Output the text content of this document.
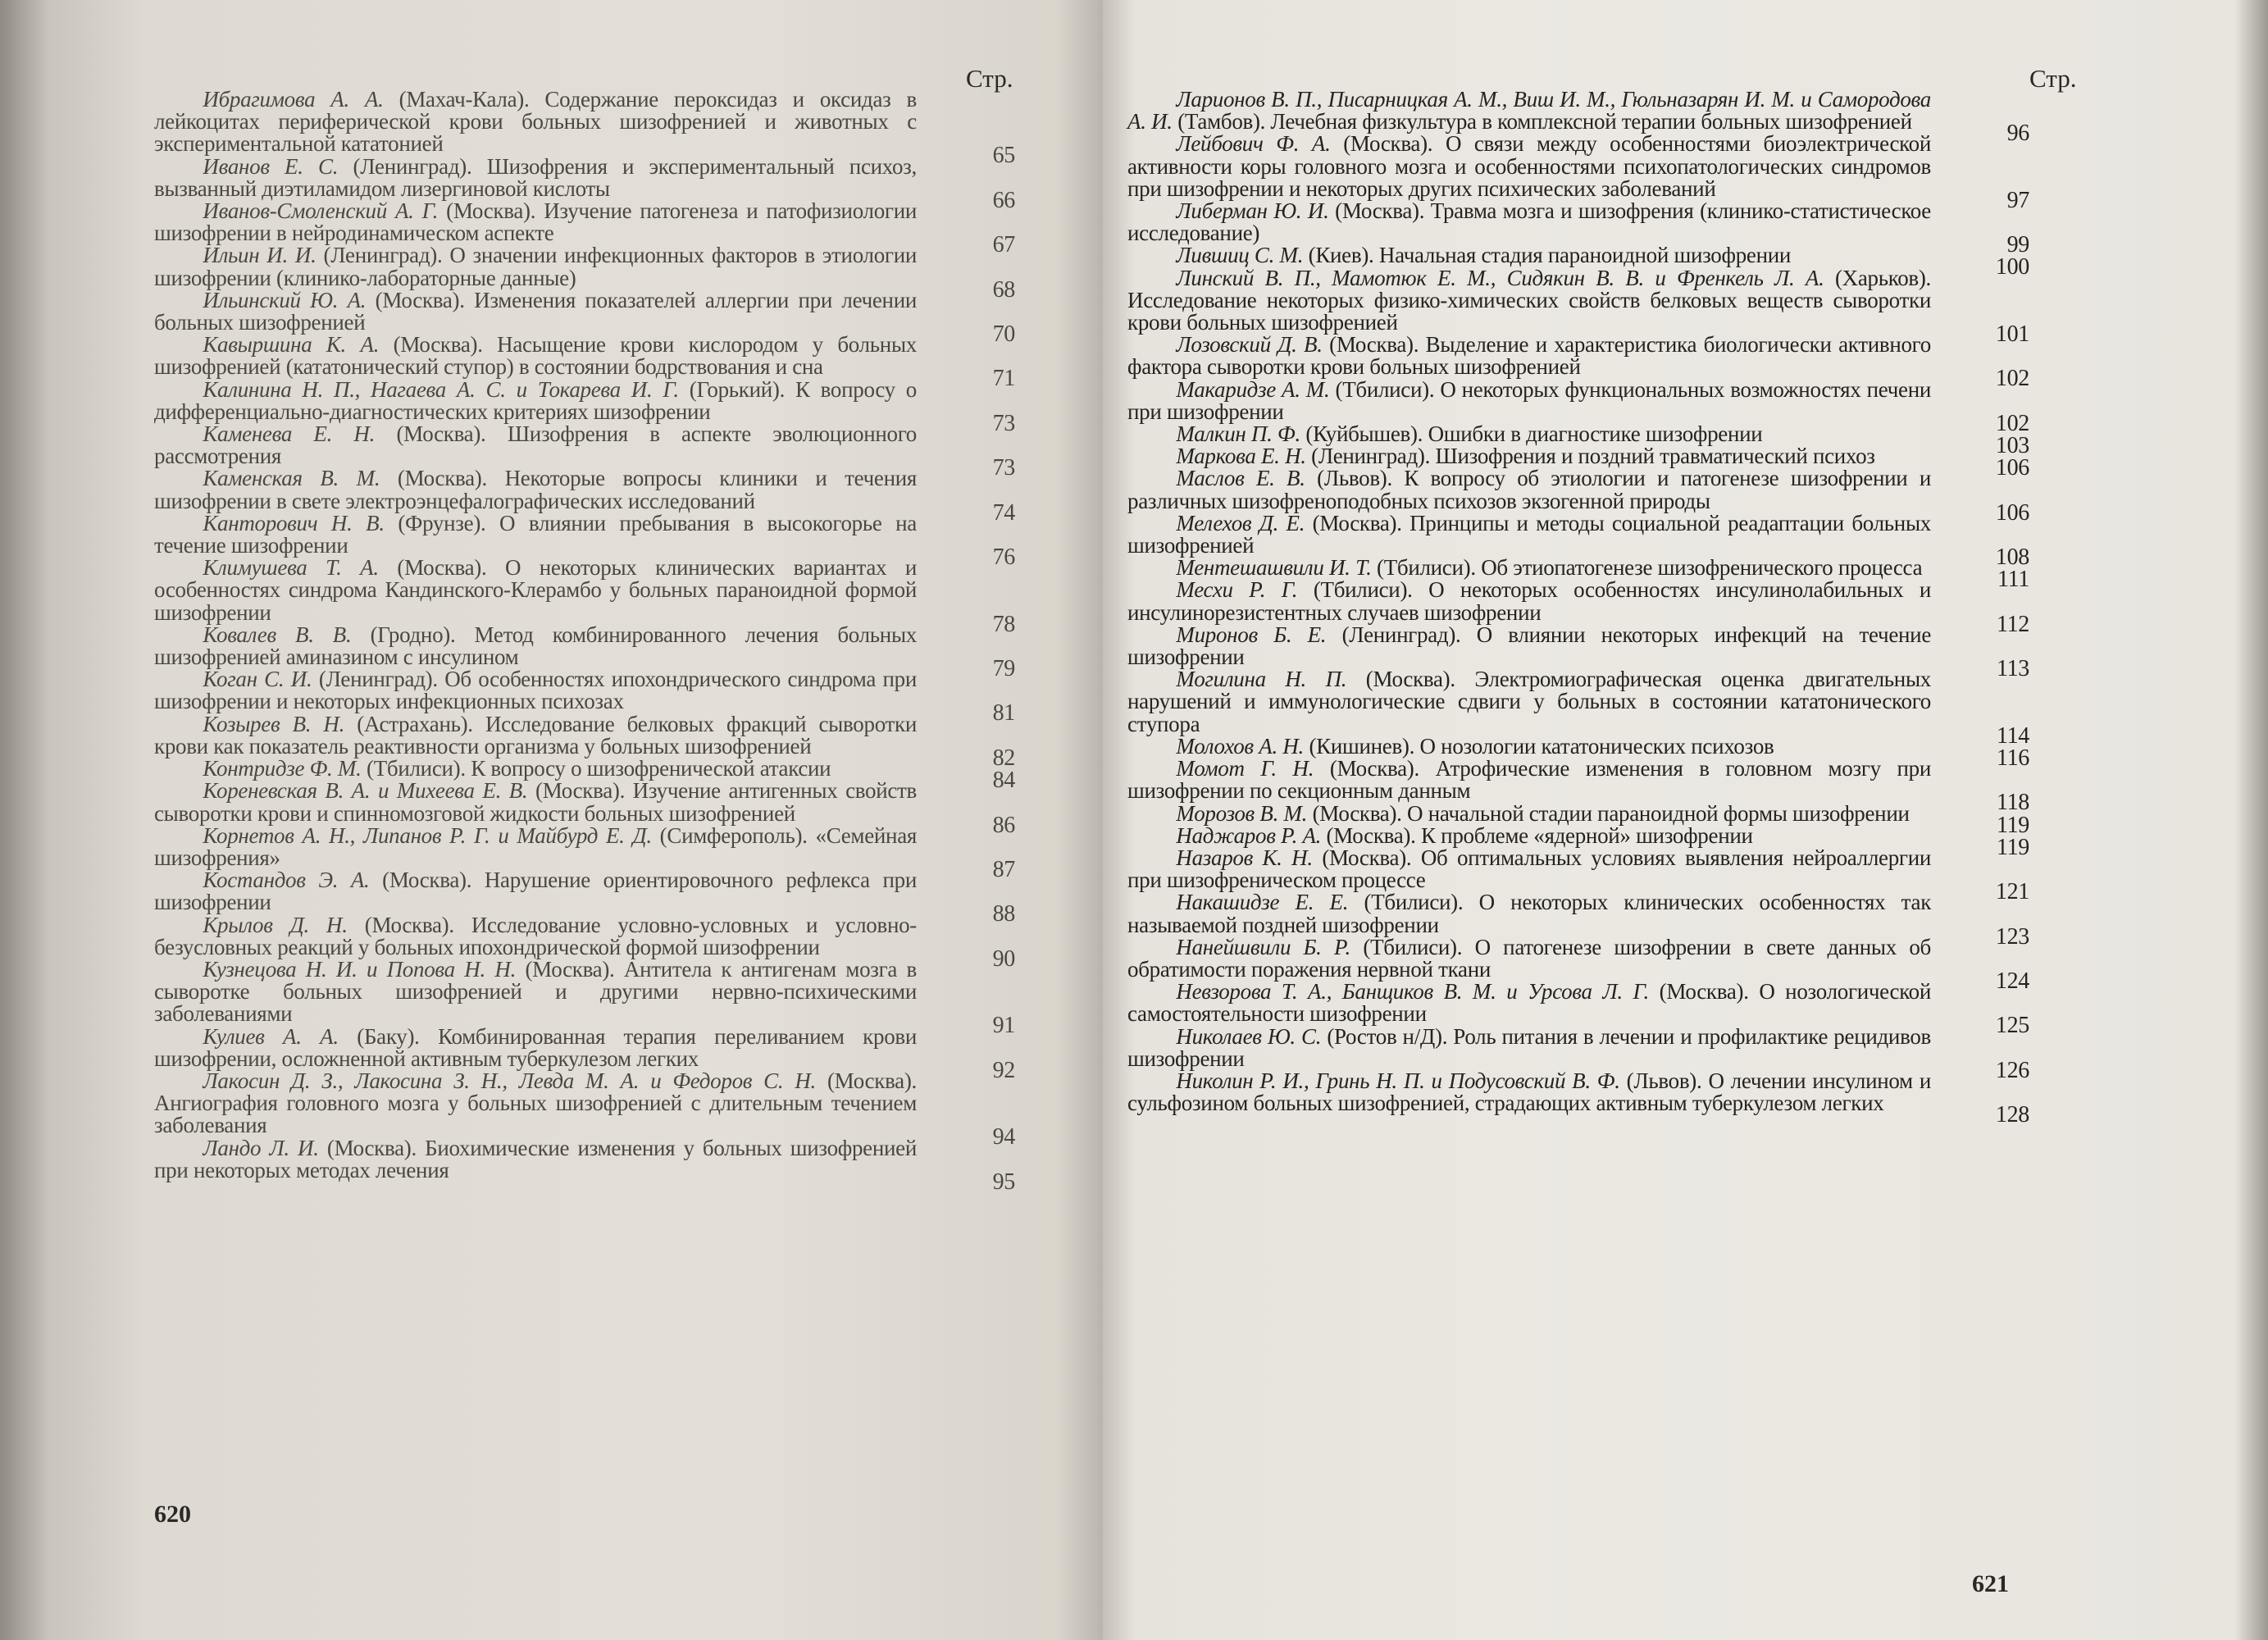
Стр.
Ибрагимова А. А. (Махач-Кала). Содержание пероксидаз и оксидаз в лейкоцитах периферической крови больных шизофренией и животных с экспериментальной кататонией	65
Иванов Е. С. (Ленинград). Шизофрения и экспериментальный психоз, вызванный диэтиламидом лизергиновой кислоты	66
Иванов-Смоленский А. Г. (Москва). Изучение патогенеза и патофизиологии шизофрении в нейродинамическом аспекте	67
Ильин И. И. (Ленинград). О значении инфекционных факторов в этиологии шизофрении (клинико-лабораторные данные)	68
Ильинский Ю. А. (Москва). Изменения показателей аллергии при лечении больных шизофренией	70
Кавыршина К. А. (Москва). Насыщение крови кислородом у больных шизофренией (кататонический ступор) в состоянии бодрствования и сна	71
Калинина Н. П., Нагаева А. С. и Токарева И. Г. (Горький). К вопросу о дифференциально-диагностических критериях шизофрении	73
Каменева Е. Н. (Москва). Шизофрения в аспекте эволюционного рассмотрения	73
Каменская В. М. (Москва). Некоторые вопросы клиники и течения шизофрении в свете электроэнцефалографических исследований	74
Канторович Н. В. (Фрунзе). О влиянии пребывания в высокогорье на течение шизофрении	76
Климушева Т. А. (Москва). О некоторых клинических вариантах и особенностях синдрома Кандинского-Клерамбо у больных параноидной формой шизофрении	78
Ковалев В. В. (Гродно). Метод комбинированного лечения больных шизофренией аминазином с инсулином	79
Коган С. И. (Ленинград). Об особенностях ипохондрического синдрома при шизофрении и некоторых инфекционных психозах	81
Козырев В. Н. (Астрахань). Исследование белковых фракций сыворотки крови как показатель реактивности организма у больных шизофренией	82
Контридзе Ф. М. (Тбилиси). К вопросу о шизофренической атаксии	84
Кореневская В. А. и Михеева Е. В. (Москва). Изучение антигенных свойств сыворотки крови и спинномозговой жидкости больных шизофренией	86
Корнетов А. Н., Липанов Р. Г. и Майбурд Е. Д. (Симферополь). «Семейная шизофрения»	87
Костандов Э. А. (Москва). Нарушение ориентировочного рефлекса при шизофрении	88
Крылов Д. Н. (Москва). Исследование условно-условных и условно-безусловных реакций у больных ипохондрической формой шизофрении	90
Кузнецова Н. И. и Попова Н. Н. (Москва). Антитела к антигенам мозга в сыворотке больных шизофренией и другими нервно-психическими заболеваниями	91
Кулиев А. А. (Баку). Комбинированная терапия переливанием крови шизофрении, осложненной активным туберкулезом легких	92
Лакосин Д. З., Лакосина З. Н., Левда М. А. и Федоров С. Н. (Москва). Ангиография головного мозга у больных шизофренией с длительным течением заболевания	94
Ландо Л. И. (Москва). Биохимические изменения у больных шизофренией при некоторых методах лечения	95
620
Стр.
Ларионов В. П., Писарницкая А. М., Виш И. М., Гюльназарян И. М. и Самородова А. И. (Тамбов). Лечебная физкультура в комплексной терапии больных шизофренией	96
Лейбович Ф. А. (Москва). О связи между особенностями биоэлектрической активности коры головного мозга и особенностями психопатологических синдромов при шизофрении и некоторых других психических заболеваний	97
Либерман Ю. И. (Москва). Травма мозга и шизофрения (клинико-статистическое исследование)	99
Лившиц С. М. (Киев). Начальная стадия параноидной шизофрении	100
Линский В. П., Мамотюк Е. М., Сидякин В. В. и Френкель Л. А. (Харьков). Исследование некоторых физико-химических свойств белковых веществ сыворотки крови больных шизофренией	101
Лозовский Д. В. (Москва). Выделение и характеристика биологически активного фактора сыворотки крови больных шизофренией	102
Макаридзе А. М. (Тбилиси). О некоторых функциональных возможностях печени при шизофрении	102
Малкин П. Ф. (Куйбышев). Ошибки в диагностике шизофрении	103
Маркова Е. Н. (Ленинград). Шизофрения и поздний травматический психоз	106
Маслов Е. В. (Львов). К вопросу об этиологии и патогенезе шизофрении и различных шизофреноподобных психозов экзогенной природы	106
Мелехов Д. Е. (Москва). Принципы и методы социальной реадаптации больных шизофренией	108
Ментешашвили И. Т. (Тбилиси). Об этиопатогенезе шизофренического процесса	111
Месхи Р. Г. (Тбилиси). О некоторых особенностях инсулинолабильных и инсулинорезистентных случаев шизофрении	112
Миронов Б. Е. (Ленинград). О влиянии некоторых инфекций на течение шизофрении	113
Могилина Н. П. (Москва). Электромиографическая оценка двигательных нарушений и иммунологические сдвиги у больных в состоянии кататонического ступора	114
Молохов А. Н. (Кишинев). О нозологии кататонических психозов	116
Момот Г. Н. (Москва). Атрофические изменения в головном мозгу при шизофрении по секционным данным	118
Морозов В. М. (Москва). О начальной стадии параноидной формы шизофрении	119
Наджаров Р. А. (Москва). К проблеме «ядерной» шизофрении	119
Назаров К. Н. (Москва). Об оптимальных условиях выявления нейроаллергии при шизофреническом процессе	121
Накашидзе Е. Е. (Тбилиси). О некоторых клинических особенностях так называемой поздней шизофрении	123
Нанейшвили Б. Р. (Тбилиси). О патогенезе шизофрении в свете данных об обратимости поражения нервной ткани	124
Невзорова Т. А., Банщиков В. М. и Урсова Л. Г. (Москва). О нозологической самостоятельности шизофрении	125
Николаев Ю. С. (Ростов н/Д). Роль питания в лечении и профилактике рецидивов шизофрении	126
Николин Р. И., Гринь Н. П. и Подусовский В. Ф. (Львов). О лечении инсулином и сульфозином больных шизофренией, страдающих активным туберкулезом легких	128
621
